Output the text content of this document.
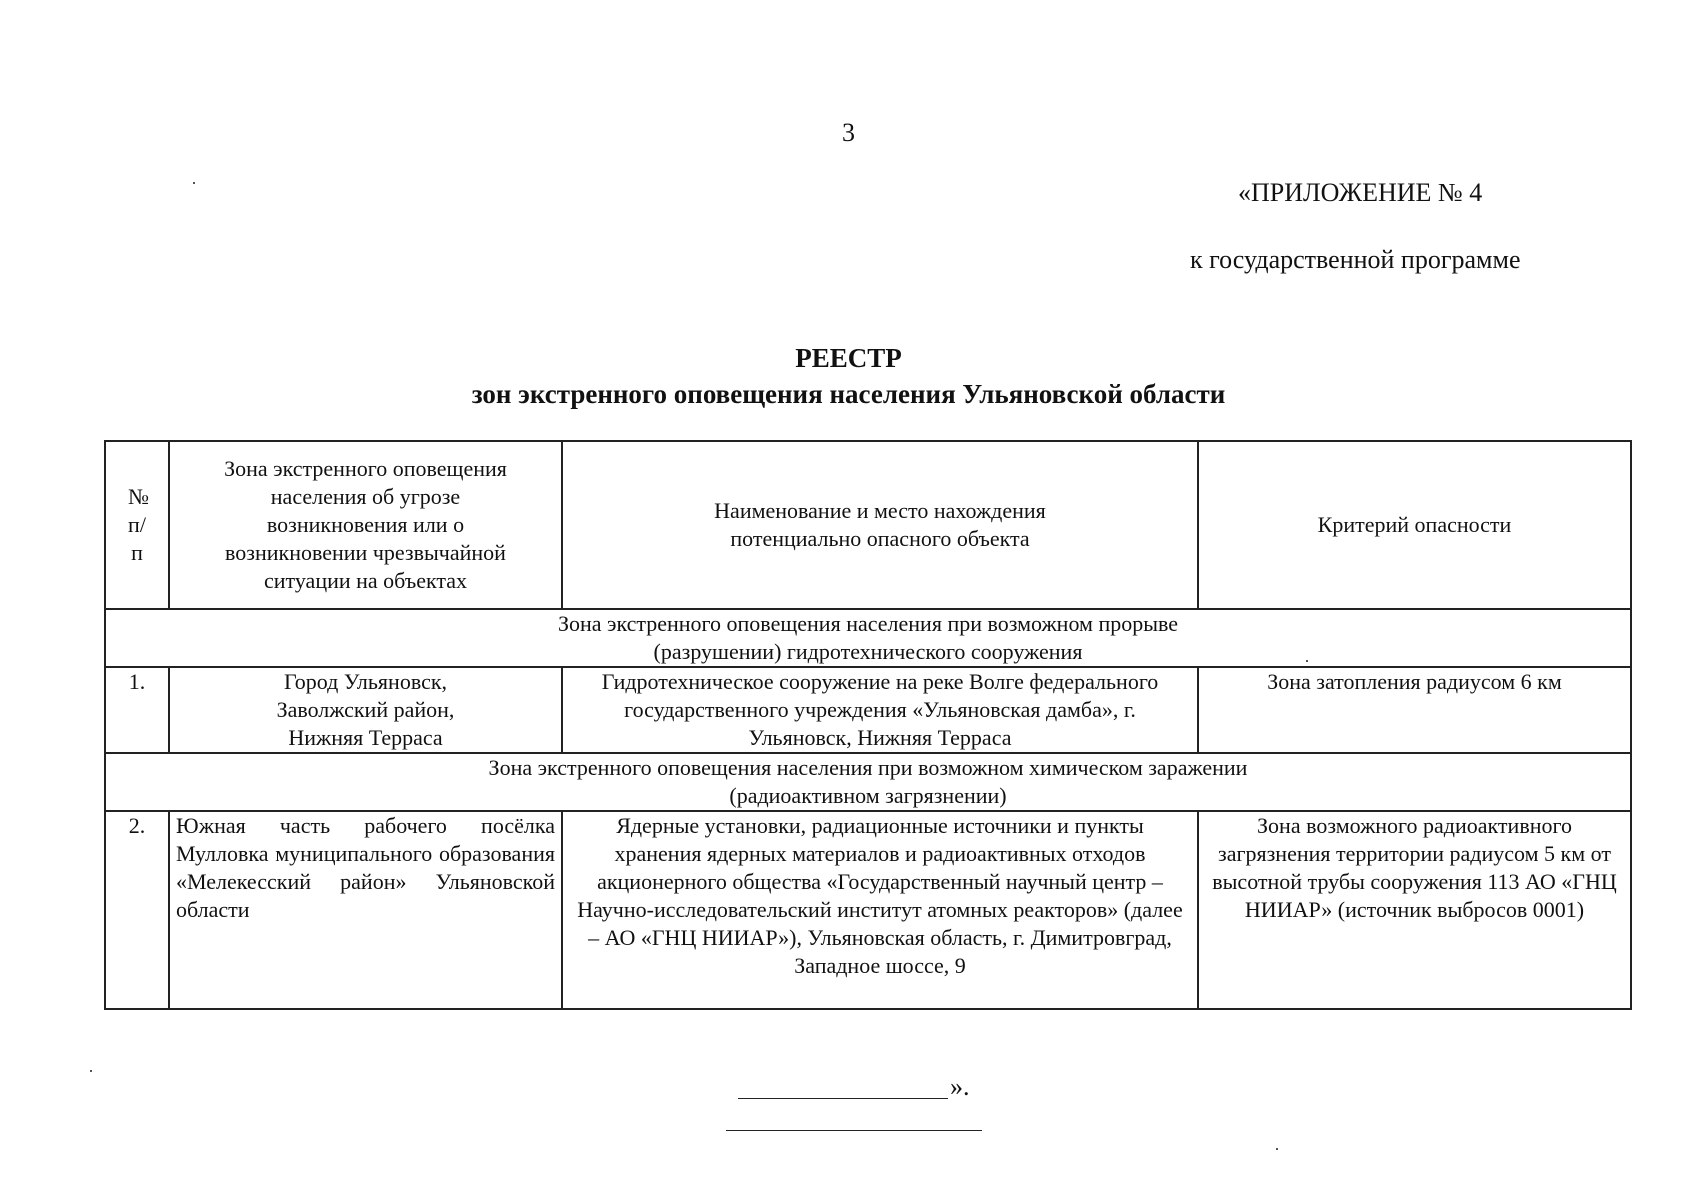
3
«ПРИЛОЖЕНИЕ № 4
к государственной программе
РЕЕСТР
зон экстренного оповещения населения Ульяновской области
№ п/п	Зона экстренного оповещения населения об угрозе возникновения или о возникновении чрезвычайной ситуации на объектах	Наименование и место нахождения потенциально опасного объекта	Критерий опасности
Зона экстренного оповещения населения при возможном прорыве (разрушении) гидротехнического сооружения			
1.	Город Ульяновск, Заволжский район, Нижняя Терраса	Гидротехническое сооружение на реке Волге федерального государственного учреждения «Ульяновская дамба», г. Ульяновск, Нижняя Терраса	Зона затопления радиусом 6 км
Зона экстренного оповещения населения при возможном химическом заражении (радиоактивном загрязнении)			
2.	Южная часть рабочего посёлка Мулловка муниципального образования «Мелекесский район» Ульяновской области	Ядерные установки, радиационные источники и пункты хранения ядерных материалов и радиоактивных отходов акционерного общества «Государственный научный центр – Научно-исследовательский институт атомных реакторов» (далее – АО «ГНЦ НИИАР»), Ульяновская область, г. Димитровград, Западное шоссе, 9	Зона возможного радиоактивного загрязнения территории радиусом 5 км от высотной трубы сооружения 113 АО «ГНЦ НИИАР» (источник выбросов 0001)
».
